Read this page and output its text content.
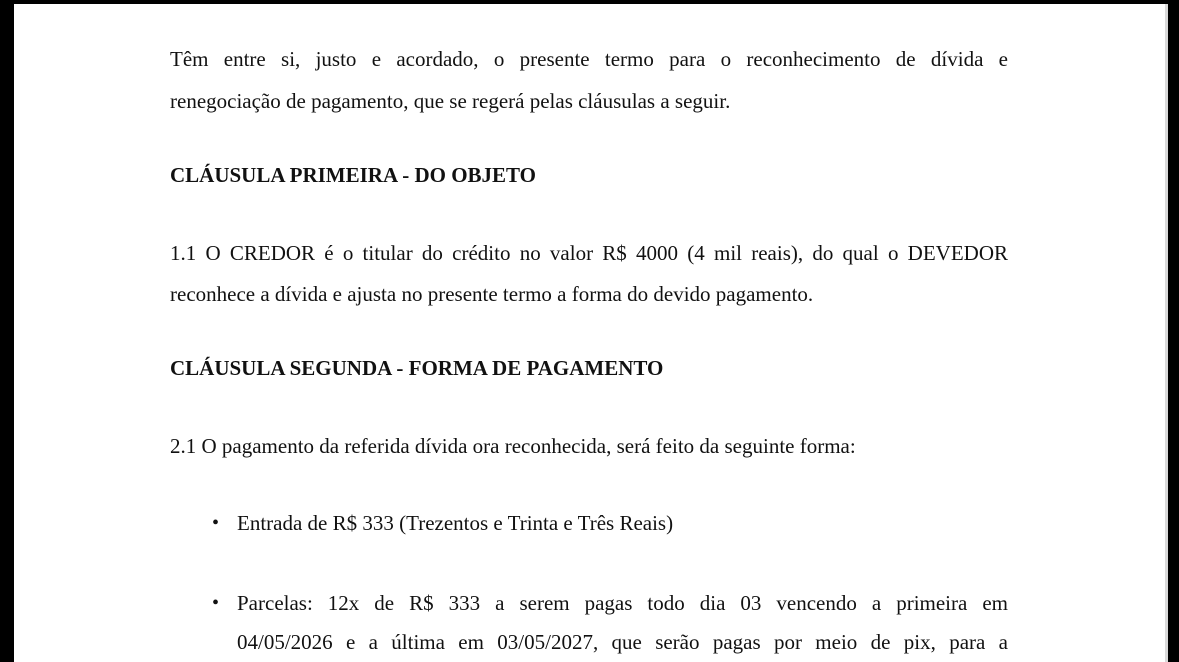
Têm entre si, justo e acordado, o presente termo para o reconhecimento de dívida e
renegociação de pagamento, que se regerá pelas cláusulas a seguir.
CLÁUSULA PRIMEIRA - DO OBJETO
1.1 O CREDOR é o titular do crédito no valor R$ 4000 (4 mil reais), do qual o DEVEDOR
reconhece a dívida e ajusta no presente termo a forma do devido pagamento.
CLÁUSULA SEGUNDA - FORMA DE PAGAMENTO
2.1 O pagamento da referida dívida ora reconhecida, será feito da seguinte forma:
• Entrada de R$ 333 (Trezentos e Trinta e Três Reais)
• Parcelas: 12x de R$ 333 a serem pagas todo dia 03 vencendo a primeira em
04/05/2026 e a última em 03/05/2027, que serão pagas por meio de pix, para a
